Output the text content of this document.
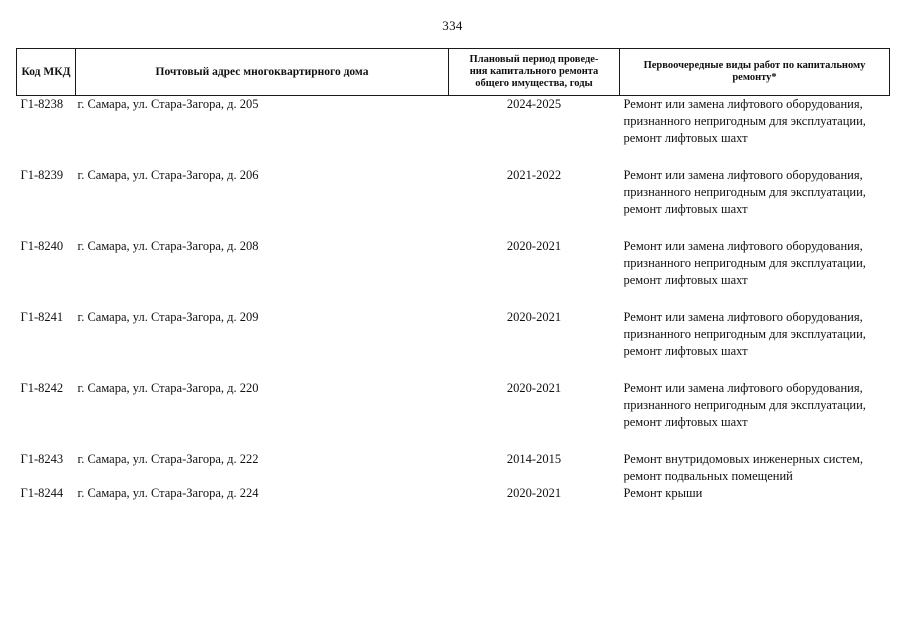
334
Код МКД	Почтовый адрес многоквартирного дома	Плановый период проведе-
ния капитального ремонта
общего имущества, годы	Первоочередные виды работ по капитальному
ремонту*

Г1-8238	г. Самара, ул. Стара-Загора, д. 205	2024-2025	Ремонт или замена лифтового оборудования,
признанного непригодным для эксплуатации,
ремонт лифтовых шахт

Г1-8239	г. Самара, ул. Стара-Загора, д. 206	2021-2022	Ремонт или замена лифтового оборудования,
признанного непригодным для эксплуатации,
ремонт лифтовых шахт

Г1-8240	г. Самара, ул. Стара-Загора, д. 208	2020-2021	Ремонт или замена лифтового оборудования,
признанного непригодным для эксплуатации,
ремонт лифтовых шахт

Г1-8241	г. Самара, ул. Стара-Загора, д. 209	2020-2021	Ремонт или замена лифтового оборудования,
признанного непригодным для эксплуатации,
ремонт лифтовых шахт

Г1-8242	г. Самара, ул. Стара-Загора, д. 220	2020-2021	Ремонт или замена лифтового оборудования,
признанного непригодным для эксплуатации,
ремонт лифтовых шахт

Г1-8243	г. Самара, ул. Стара-Загора, д. 222	2014-2015	Ремонт внутридомовых инженерных систем,
ремонт подвальных помещений

Г1-8244	г. Самара, ул. Стара-Загора, д. 224	2020-2021	Ремонт крыши
